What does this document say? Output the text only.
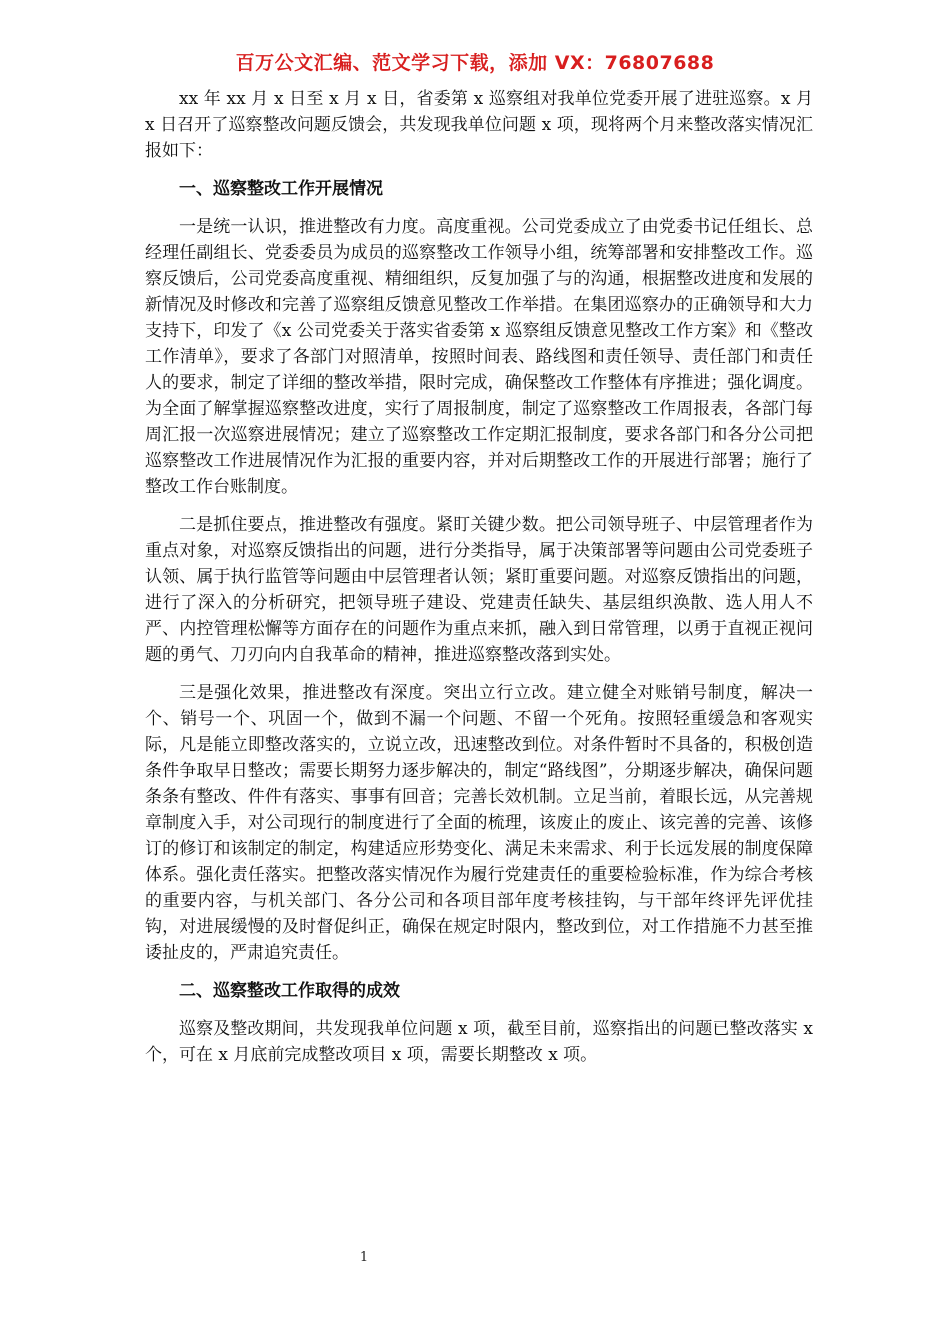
百万公文汇编、范文学习下载，添加 VX：76807688

xx 年 xx 月 x 日至 x 月 x 日，省委第 x 巡察组对我单位党委开展了进驻巡察。x 月 x 日召开了巡察整改问题反馈会，共发现我单位问题 x 项，现将两个月来整改落实情况汇报如下：

一、巡察整改工作开展情况

一是统一认识，推进整改有力度。高度重视。公司党委成立了由党委书记任组长、总经理任副组长、党委委员为成员的巡察整改工作领导小组，统筹部署和安排整改工作。巡察反馈后，公司党委高度重视、精细组织，反复加强了与的沟通，根据整改进度和发展的新情况及时修改和完善了巡察组反馈意见整改工作举措。在集团巡察办的正确领导和大力支持下，印发了《x 公司党委关于落实省委第 x 巡察组反馈意见整改工作方案》和《整改工作清单》，要求了各部门对照清单，按照时间表、路线图和责任领导、责任部门和责任人的要求，制定了详细的整改举措，限时完成，确保整改工作整体有序推进；强化调度。为全面了解掌握巡察整改进度，实行了周报制度，制定了巡察整改工作周报表，各部门每周汇报一次巡察进展情况；建立了巡察整改工作定期汇报制度，要求各部门和各分公司把巡察整改工作进展情况作为汇报的重要内容，并对后期整改工作的开展进行部署；施行了整改工作台账制度。

二是抓住要点，推进整改有强度。紧盯关键少数。把公司领导班子、中层管理者作为重点对象，对巡察反馈指出的问题，进行分类指导，属于决策部署等问题由公司党委班子认领、属于执行监管等问题由中层管理者认领；紧盯重要问题。对巡察反馈指出的问题，进行了深入的分析研究，把领导班子建设、党建责任缺失、基层组织涣散、选人用人不严、内控管理松懈等方面存在的问题作为重点来抓，融入到日常管理，以勇于直视正视问题的勇气、刀刃向内自我革命的精神，推进巡察整改落到实处。

三是强化效果，推进整改有深度。突出立行立改。建立健全对账销号制度，解决一个、销号一个、巩固一个，做到不漏一个问题、不留一个死角。按照轻重缓急和客观实际，凡是能立即整改落实的，立说立改，迅速整改到位。对条件暂时不具备的，积极创造条件争取早日整改；需要长期努力逐步解决的，制定“路线图”，分期逐步解决，确保问题条条有整改、件件有落实、事事有回音；完善长效机制。立足当前，着眼长远，从完善规章制度入手，对公司现行的制度进行了全面的梳理，该废止的废止、该完善的完善、该修订的修订和该制定的制定，构建适应形势变化、满足未来需求、利于长远发展的制度保障体系。强化责任落实。把整改落实情况作为履行党建责任的重要检验标准，作为综合考核的重要内容，与机关部门、各分公司和各项目部年度考核挂钩，与干部年终评先评优挂钩，对进展缓慢的及时督促纠正，确保在规定时限内，整改到位，对工作措施不力甚至推诿扯皮的，严肃追究责任。

二、巡察整改工作取得的成效

巡察及整改期间，共发现我单位问题 x 项，截至目前，巡察指出的问题已整改落实 x 个，可在 x 月底前完成整改项目 x 项，需要长期整改 x 项。

1
